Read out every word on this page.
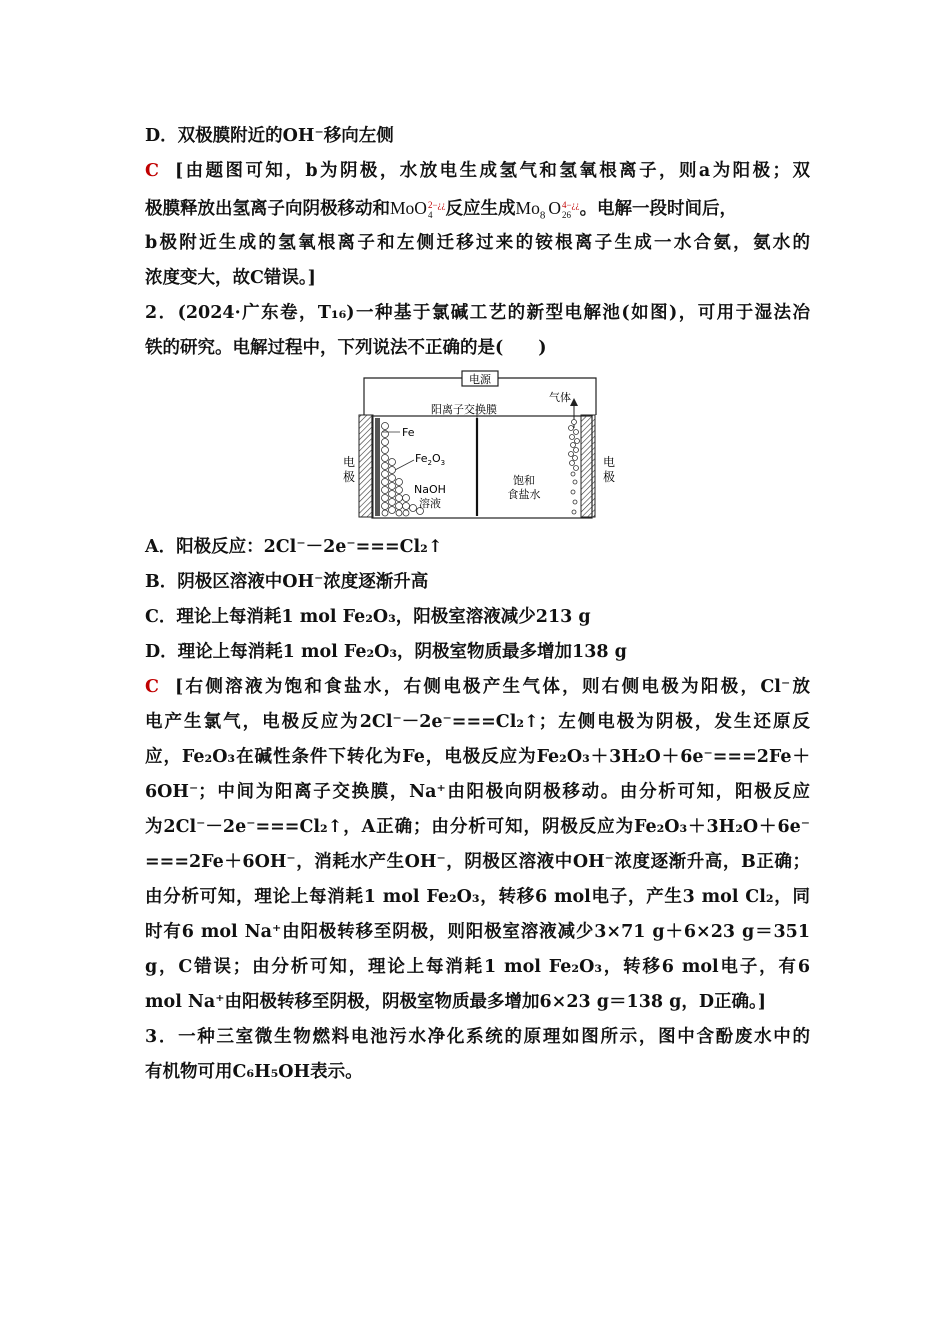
D．双极膜附近的OH⁻移向左侧
C [由题图可知，b为阴极，水放电生成氢气和氢氧根离子，则a为阳极；双
极膜释放出氢离子向阴极移动和MoO 2−¿¿
4 反应生成$Mo_8$ O 4−¿¿
26 。电解一段时间后，
b极附近生成的氢氧根离子和左侧迁移过来的铵根离子生成一水合氨，氨水的
浓度变大，故C错误。]
2．(2024·广东卷，T₁₆)一种基于氯碱工艺的新型电解池(如图)，可用于湿法冶
铁的研究。电解过程中，下列说法不正确的是(　　)
电源
阳离子交换膜
Fe
$Fe_2O_3$
NaOH
溶液
饱和
食盐水
气体
电
极
电
极
A．阳极反应：2Cl⁻－2e⁻===Cl₂↑
B．阴极区溶液中OH⁻浓度逐渐升高
C．理论上每消耗1 mol Fe₂O₃，阳极室溶液减少213 g
D．理论上每消耗1 mol Fe₂O₃，阴极室物质最多增加138 g
C [右侧溶液为饱和食盐水，右侧电极产生气体，则右侧电极为阳极，Cl⁻放
电产生氯气，电极反应为2Cl⁻－2e⁻===Cl₂↑；左侧电极为阴极，发生还原反
应，Fe₂O₃在碱性条件下转化为Fe，电极反应为Fe₂O₃＋3H₂O＋6e⁻===2Fe＋
6OH⁻；中间为阳离子交换膜，Na⁺由阳极向阴极移动。由分析可知，阳极反应
为2Cl⁻－2e⁻===Cl₂↑，A正确；由分析可知，阴极反应为Fe₂O₃＋3H₂O＋6e⁻
===2Fe＋6OH⁻，消耗水产生OH⁻，阴极区溶液中OH⁻浓度逐渐升高，B正确；
由分析可知，理论上每消耗1 mol Fe₂O₃，转移6 mol电子，产生3 mol Cl₂，同
时有6 mol Na⁺由阳极转移至阴极，则阳极室溶液减少3×71 g＋6×23 g＝351
g，C错误；由分析可知，理论上每消耗1 mol Fe₂O₃，转移6 mol电子，有6
mol Na⁺由阳极转移至阴极，阴极室物质最多增加6×23 g＝138 g，D正确。]
3．一种三室微生物燃料电池污水净化系统的原理如图所示，图中含酚废水中的
有机物可用C₆H₅OH表示。
